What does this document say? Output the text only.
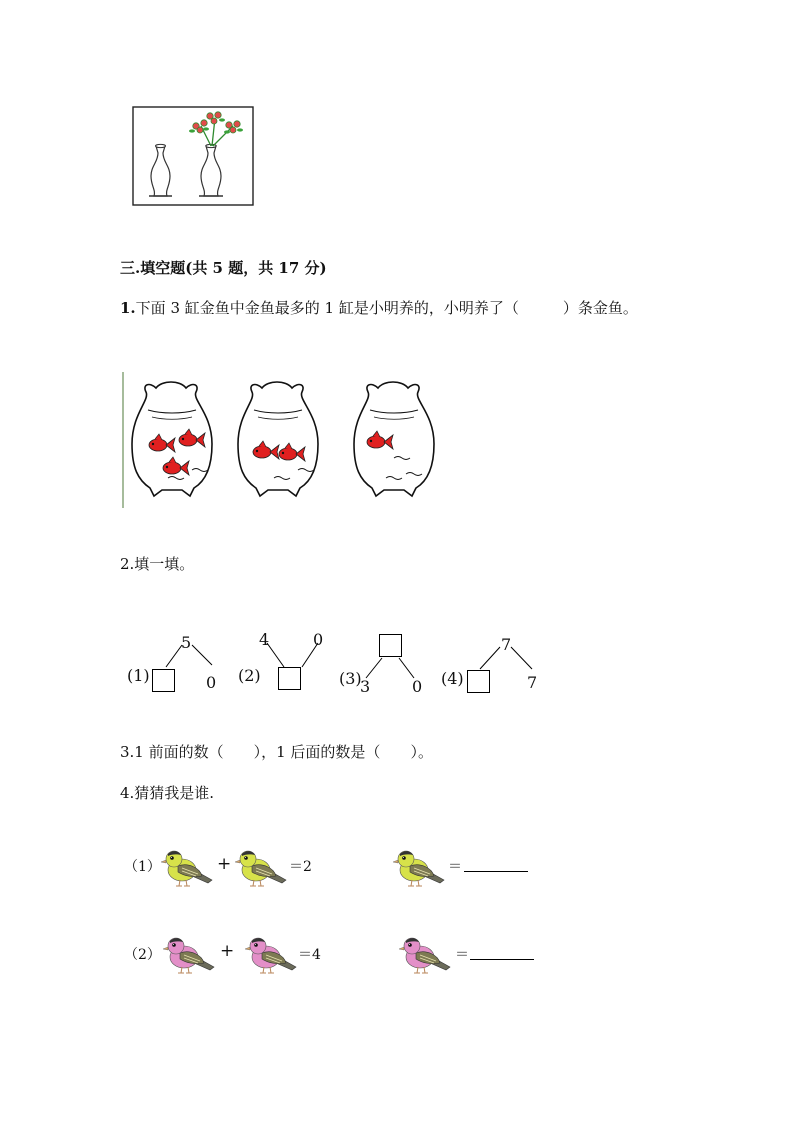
三.填空题(共 5 题，共 17 分)
1.下面 3 缸金鱼中金鱼最多的 1 缸是小明养的，小明养了（	）条金鱼。
2.填一填。
(1)
5
0 (2)
4	0
(3)
3	0 (4)
7
7
3.1 前面的数（ ），1 后面的数是（ ）。
4.猜猜我是谁.
（1）	+	＝2	＝
（2）	+	＝4	＝
